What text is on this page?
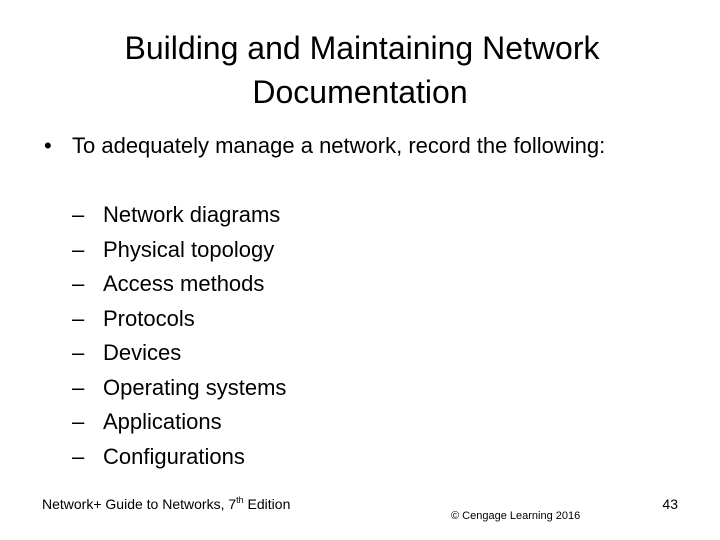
Building and Maintaining Network
Documentation
• To adequately manage a network, record the following:
– Network diagrams
– Physical topology
– Access methods
– Protocols
– Devices
– Operating systems
– Applications
– Configurations
Network+ Guide to Networks, 7th Edition
© Cengage Learning 2016
43
